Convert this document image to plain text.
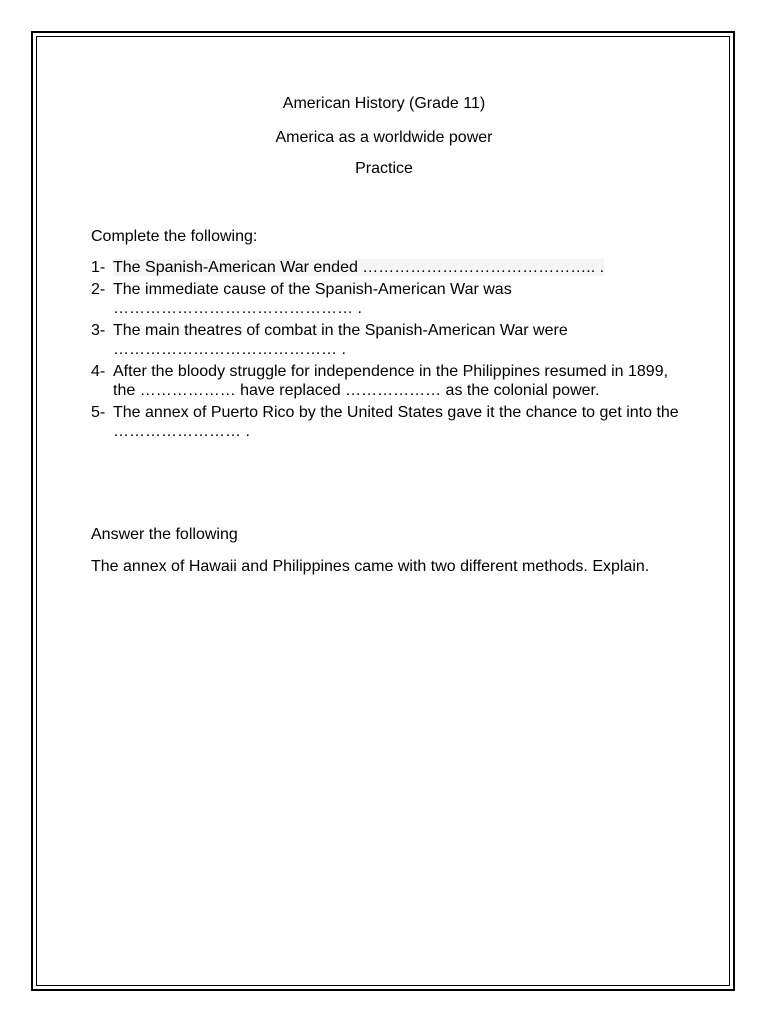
American History (Grade 11)
America as a worldwide power
Practice
Complete the following:
1- The Spanish-American War ended …………………………………….. .
2- The immediate cause of the Spanish-American War was ……………………………………… .
3- The main theatres of combat in the Spanish-American War were …………………………………… .
4- After the bloody struggle for independence in the Philippines resumed in 1899, the ……………… have replaced ……………… as the colonial power.
5- The annex of Puerto Rico by the United States gave it the chance to get into the …………………… .
Answer the following
The annex of Hawaii and Philippines came with two different methods. Explain.
